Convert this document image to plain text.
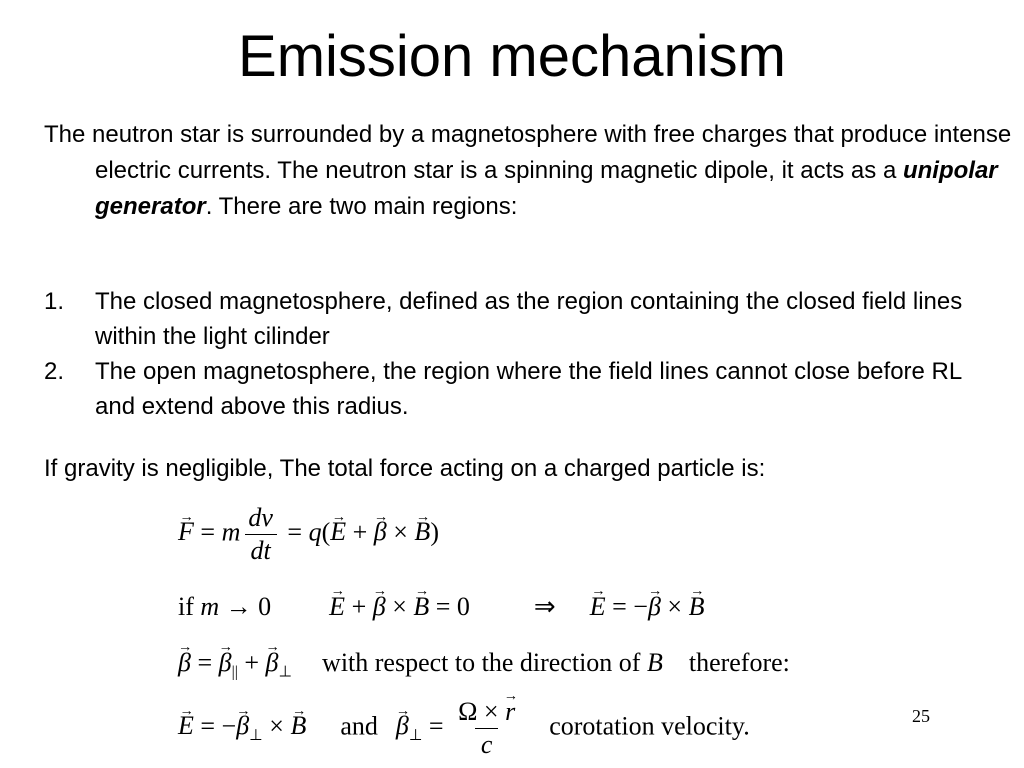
Emission mechanism
The neutron star is surrounded by a magnetosphere with free charges that produce intense electric currents. The neutron star is a spinning magnetic dipole, it acts as a unipolar generator. There are two main regions:
1. The closed magnetosphere, defined as the region containing the closed field lines within the light cilinder
2. The open magnetosphere, the region where the field lines cannot close before RL and extend above this radius.
If gravity is negligible, The total force acting on a charged particle is:
→ F = m $\frac{dv}{dt} = q(\to E$ + → β × → B)
if m → 0→ E + → β × → B = 0 ⇒→ E = −→ β × → B
→ β = → $\beta_{||}$ + → $\beta_\perp$ with respect to the direction of B therefore:
→ E = −→ $\beta_\perp$ × → B $and\to \beta_\perp = \frac{\Omega \times \to r}{c}$ corotation velocity.	25
